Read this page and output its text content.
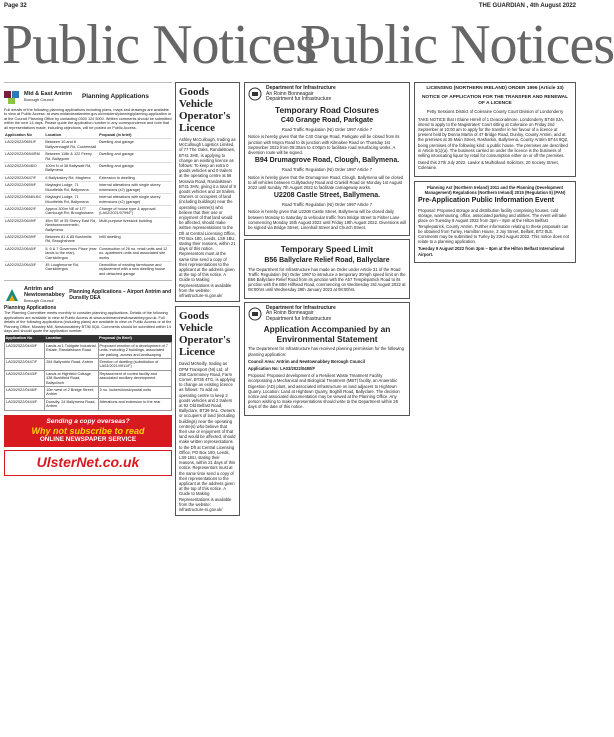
Page 32	THE GUARDIAN , 4th August 2022
Public Notices
Public Notices
Mid & East Antrim
Borough Council	Planning Applications

Full details of the following planning applications including plans, maps and drawings are available to view at Public Access: at www.midandeastantrim.gov.uk/resident/planning/planning-application or at the Council Planning Office by contacting 0300 124 5000. Written comments should be submitted within the next 14 days. Please quote the application number in any correspondence and note that all representations made, including objections, will be posted on Public Access.

Application No	Location	Proposal (in brief)
LA02/2022/0691/F	Between 10 and 8 Ballyvennaght Rd, Cushendall	Dwelling and garage
LA02/2022/0694/RM	Between 118b & 122 Feeny Rd, Ballygorm	Dwelling and garage
LA02/2022/0648/O	100m N of 38 Ballywatt Rd, Ballymena	Dwelling and garage
LA02/2022/0647/F	6 Ballyloskey Rd, Maghera	Extension to dwelling
LA02/2022/0659/F	Maylaght Lodge, 71 Moorfields Rd, Ballymena	Internal alterations with single storey extensions (x2) (garage)
LA02/2022/0658/LBC	Maylaght Lodge, 71 Moorfields Rd, Ballymena	Internal alterations with single storey extensions (x2) (garage)
LA02/2022/0652/F	Approx 300m NE of 177 Carnlough Rd, Broughshane	Change of house type & approval (LA02/2021/0799/F)
LA02/2022/0649/F	45m SE of 35 Sherry East Rd, Newtowncrommelin, Ballymena	Multi-purpose livestock building
LA02/2022/0639/F	Between 81 & 85 Bushmills Rd, Broughshane	Infill dwelling
LA02/2022/0640/F	5, 6 & 7 Governors Place (rear lands to the rear), Carrickfergus	Construction of 26 no. retail units and 12 no. apartment units and associated site works
LA02/2022/0643/F	45 Loughmorne Rd, Carrickfergus	Demolition of existing farmhouse and replacement with a new dwelling house and detached garage
Antrim and Newtownabbey
Borough Council
Planning Applications – Airport Antrim and Dunsilly DEA
Planning Applications

The Planning Committee meets monthly to consider planning applications. Details of the following applications are available to view at Public Access at www.antrimandnewtownabbey.gov.uk. Full details of the following applications (including plans) are available to view on Public Access or at the Planning Office, Mossley Mill, Newtownabbey BT36 5QA. Comments should be submitted within 14 days and should quote the application number.

Application No	Location	Proposal (In Brief)
LA03/2022/0440/F	Lands at 1 Toldgate Industrial Estate, Randalstown Road	Proposed erection of a development of 7 units, including 2 buildings, associated car parking, access and landscaping
LA03/2022/0447/F	264 Ballyrobin Road, Antrim	Erection of dwelling (substitution of LA03/2021/0911/F)
LA03/2022/0443/F	Lands at Highfield Cottage, 438 Bushfield Road, Ballyclinch	Replacement of roofed facility and associated ancillary development
LA03/2022/0446/F	10m west of 2 Bridge Street, Antrim	3 no. lockers/kiosk/postal units
LA03/2022/0444/F	Dunsilly, 24 Ballymena Road, Antrim	Alterations and extension to the rear
Sending a copy overseas?
Why not subscribe to read
ONLINE NEWSPAPER SERVICE
UlsterNet.co.uk
Goods Vehicle Operator's Licence

Ashley McCullough, trading as McCullough Logistics Limited, of 77 The Oaks, Randalstown, BT41 3HE, is applying to change an existing licence as follows: To keep an extra 0 goods vehicles and 0 trailers at the operating centre at 56 Moravia Road, Randalstown BT41 3HN, giving it a total of 9 goods vehicles and 18 trailers. Owners or occupiers of land (including buildings) near the operating centre(s) who believe that their use or enjoyment of that land would be affected, should make written representations to the DfI at Central Licensing Office, PO Box 180, Leeds, LS9 1BU, stating their reasons, within 21 days of this notice. Representors must at the same time send a copy of their representations to the applicant at the address given at the top of this notice. A Guide to Making Representations is available from the website: infrastructure-ni.gov.uk/

Goods Vehicle Operator's Licence

David McNeilly, trading as DPM Transport (NI) Ltd, of 258 Carnmoney Road, Farm Corner, BT36 4TG, is applying to change an existing licence as follows: To add an operating centre to keep 2 goods vehicles and 2 trailers at 92 Old Belfast Road, Ballyclare, BT39 9AL. Owners or occupiers of land (including buildings) near the operating centre(s) who believe that their use or enjoyment of that land would be affected, should make written representations to the DfI at Central Licensing Office, PO Box 180, Leeds, LS9 1BU, stating their reasons, within 21 days of this notice. Representors must at the same time send a copy of their representations to the applicant at the address given at the top of this notice. A Guide to Making Representations is available from the website: infrastructure-ni.gov.uk/

Department for Infrastructure
An Roinn Bonneagair
Depairtment fur Infrastructure
Temporary Road Closures
C40 Grange Road, Parkgate

Road Traffic Regulation (NI) Order 1997 Article 7

Notice is hereby given that the C40 Grange Road, Parkgate will be closed from its junction with Moyra Road to its junction with Kilmakee Road on Thursday 1st September 2022 from 09:30am to 4:00pm to facilitate road resurfacing works. A diversion route will be signed.

B94 Drumagrove Road, Clough, Ballymena.

Road Traffic Regulation (NI) Order 1997 Article 7

Notice is hereby given that the Drumagrove Road, Clough, Ballymena will be closed to all vehicles between Cullybackey Road and Crankill Road on Monday 1st August 2022 until Sunday 7th August 2022 to facilitate carriageway works.

U2208 Castle Street, Ballymena.

Road Traffic Regulation (NI) Order 1997 Article 7

Notice is hereby given that U2208 Castle Street, Ballymena will be closed daily between Monday to Saturday to vehicular traffic from Bridge Street to Fisher Lane commencing Monday 15th August 2022 until Friday 19th August 2022. Diversions will be signed via Bridge Street, Linenhall Street and Church Street.

Temporary Speed Limit
B56 Ballyclare Relief Road, Ballyclare

The Department for Infrastructure has made an Order under Article 31 of the Road Traffic Regulation (NI) Order 1997 to introduce a temporary 30mph speed limit on the B56 Ballyclare Relief Road from its junction with the A57 Templepatrick Road to its junction with the B56 Hillhead Road, commencing on Wednesday 3rd August 2022 at 08:00hrs until Wednesday 28th January 2023 at 08:00hrs.

Department for Infrastructure
An Roinn Bonneagair
Depairtment fur Infrastructure
Application Accompanied by an Environmental Statement

The Department for Infrastructure has received planning permission for the following planning application:

Council Area: Antrim and Newtownabbey Borough Council

Application No: LA03/2022/0480/F

Proposal: Proposed development of a Resilient Waste Treatment Facility incorporating a Mechanical and Biological Treatment (MBT) facility, an Anaerobic Digestion (AD) plant, and associated infrastructure on land adjacent to Hightown Quarry. Location: Land at Hightown Quarry, Boghill Road, Ballyclare. The decision notice and associated documentation may be viewed at the Planning Office. Any person wishing to make representations should write to the Department within 28 days of the date of this notice.

LICENSING (NORTHERN IRELAND) ORDER 1996 (Article 33)
NOTICE OF APPLICATION FOR THE TRANSFER AND RENEWAL OF A LICENCE

Petty Sessions District of Coleraine County Court Division of Londonderry

TAKE NOTICE that I Elaine Hirrell of 1 Deaconalmore, Londonderry BT48 0JA, intend to apply to the Magistrates' Court sitting at Coleraine on Friday 2nd September at 10:00 am to apply for the transfer in her favour of a licence at present held by Donna Martin of 47 Bridge Road, Dunloy, County Antrim, and at the premises at 35 Main Street, Rasharkin, Ballymena, County Antrim BT44 8QZ, being premises of the following kind: a public house. The premises are described in Article 5(1)(a). The business carried on under the licence is the business of selling intoxicating liquor by retail for consumption either on or off the premises.

Dated this 27th July 2022. Lawlor & Mulholland Solicitors, 20 Society Street, Coleraine.

Planning Act (Northern Ireland) 2011 and the Planning (Development Management) Regulations (Northern Ireland) 2015 (Regulation 5) (PAN)

Pre-Application Public Information Event

Proposal: Proposed storage and distribution facility comprising houses, cold storage, warehousing, office, associated parking and utilities. The event will take place on Tuesday 9 August 2022 from 3pm – 8pm at the Hilton Belfast Templepatrick, County Antrim. Further information relating to these proposals can be obtained from Turley, Hamilton House, 3 Joy Street, Belfast, BT2 8LE. Comments may be submitted to Turley by 23rd August 2022. This notice does not relate to a planning application.

Tuesday 9 August 2022 from 3pm – 8pm at the Hilton Belfast International Airport.
